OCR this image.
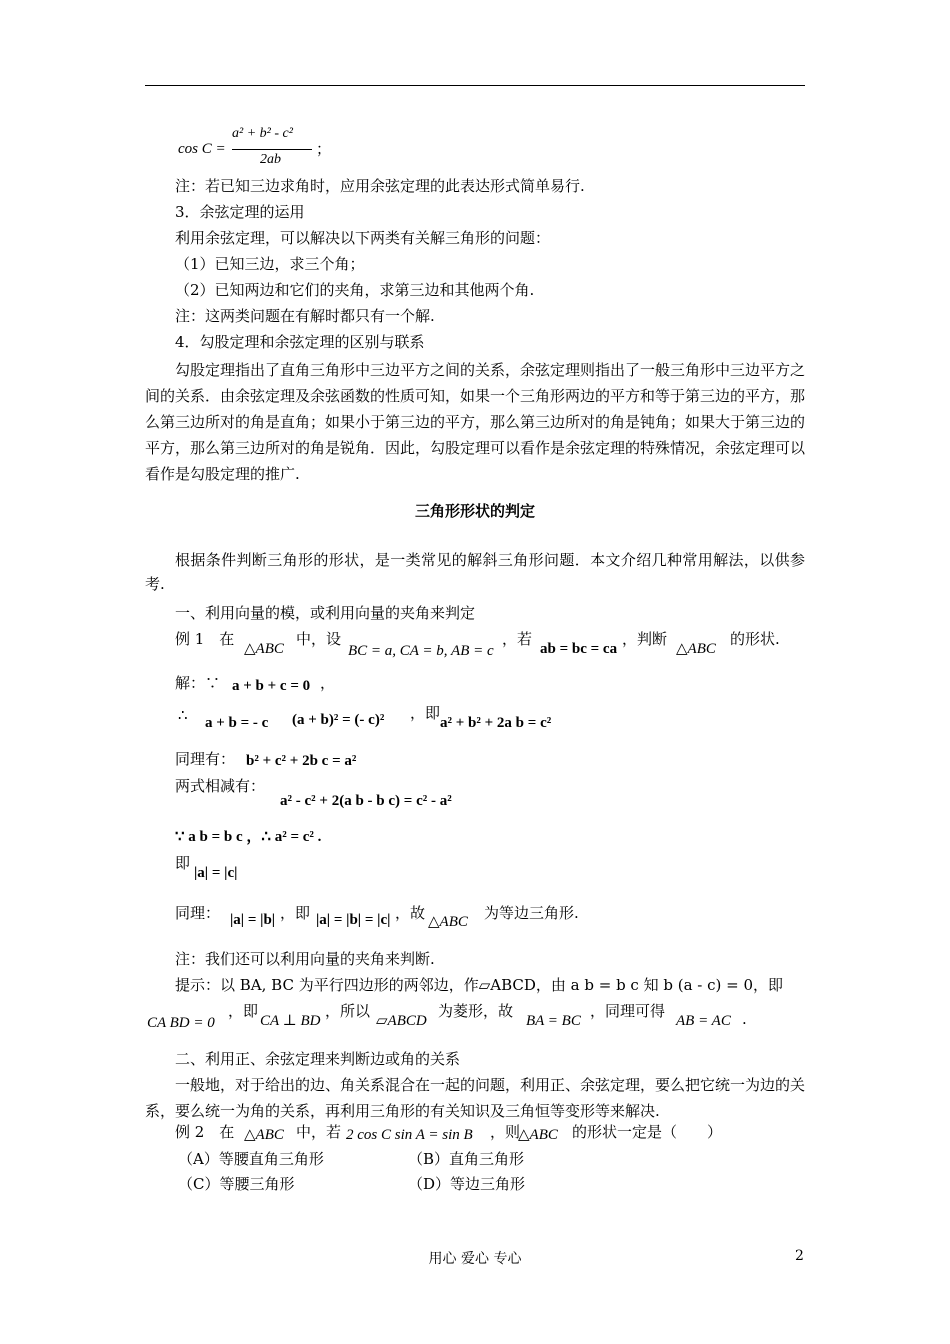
cos C =
a² + b² - c²
2ab
；
注：若已知三边求角时，应用余弦定理的此表达形式简单易行.
3．余弦定理的运用
利用余弦定理，可以解决以下两类有关解三角形的问题：
（1）已知三边，求三个角；
（2）已知两边和它们的夹角，求第三边和其他两个角.
注：这两类问题在有解时都只有一个解.
4．勾股定理和余弦定理的区别与联系
勾股定理指出了直角三角形中三边平方之间的关系，余弦定理则指出了一般三角形中三边平方之间的关系．由余弦定理及余弦函数的性质可知，如果一个三角形两边的平方和等于第三边的平方，那么第三边所对的角是直角；如果小于第三边的平方，那么第三边所对的角是钝角；如果大于第三边的平方，那么第三边所对的角是锐角．因此，勾股定理可以看作是余弦定理的特殊情况，余弦定理可以看作是勾股定理的推广.
三角形形状的判定
根据条件判断三角形的形状，是一类常见的解斜三角形问题．本文介绍几种常用解法，以供参考.
一、利用向量的模，或利用向量的夹角来判定
例 1　在
△ABC
中，设
BC = a, CA = b, AB = c
，若
ab = bc = ca
，判断
△ABC
的形状.
解：∵ a + b + c = 0 ，
∴ a + b = - c (a + b)² = (- c)² ，即
a² + b² + 2a b = c²
同理有： b² + c² + 2b c = a²
两式相减有：
a² - c² + 2(a b - b c) = c² - a²
∵ a b = b c ，∴ a² = c² .
即
|a| = |c|
同理： |a| = |b| ，即 |a| = |b| = |c| ，故 △ABC 为等边三角形.
注：我们还可以利用向量的夹角来判断.
提示：以 BA, BC 为平行四边形的两邻边，作▱ABCD，由 a b = b c 知 b (a - c) = 0，即
CA BD = 0
，即
CA ⊥ BD
，所以
▱ABCD
为菱形，故
BA = BC
，同理可得
AB = AC .
二、利用正、余弦定理来判断边或角的关系
一般地，对于给出的边、角关系混合在一起的问题，利用正、余弦定理，要么把它统一为边的关系，要么统一为角的关系，再利用三角形的有关知识及三角恒等变形等来解决.
例 2　在 △ABC 中，若 2 cos C sin A = sin B ，则
△ABC 的形状一定是（　　）
（A）等腰直角三角形	（B）直角三角形
（C）等腰三角形	（D）等边三角形
用心 爱心 专心	2
